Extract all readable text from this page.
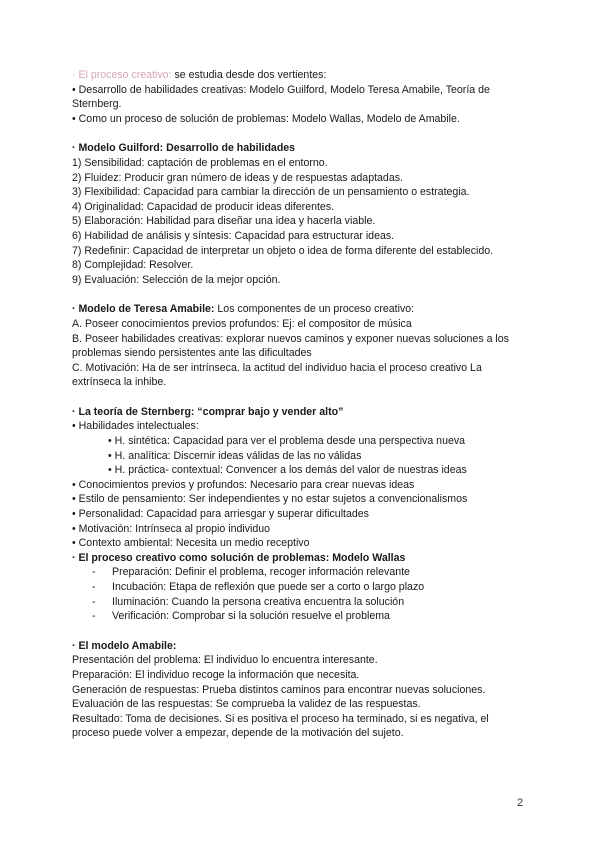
· El proceso creativo: se estudia desde dos vertientes:

• Desarrollo de habilidades creativas: Modelo Guilford, Modelo Teresa Amabile, Teoría de Sternberg.

• Como un proceso de solución de problemas: Modelo Wallas, Modelo de Amabile.

· Modelo Guilford: Desarrollo de habilidades

1) Sensibilidad: captación de problemas en el entorno.

2) Fluidez: Producir gran número de ideas y de respuestas adaptadas.

3) Flexibilidad: Capacidad para cambiar la dirección de un pensamiento o estrategia.

4) Originalidad: Capacidad de producir ideas diferentes.

5) Elaboración: Habilidad para diseñar una idea y hacerla viable.

6) Habilidad de análisis y síntesis: Capacidad para estructurar ideas.

7) Redefinir: Capacidad de interpretar un objeto o idea de forma diferente del establecido.

8) Complejidad: Resolver.

9) Evaluación: Selección de la mejor opción.

· Modelo de Teresa Amabile: Los componentes de un proceso creativo:

A. Poseer conocimientos previos profundos: Ej: el compositor de música

B. Poseer habilidades creativas: explorar nuevos caminos y exponer nuevas soluciones a los problemas siendo persistentes ante las dificultades

C. Motivación: Ha de ser intrínseca. la actitud del individuo hacia el proceso creativo La extrínseca la inhibe.

· La teoría de Sternberg: “comprar bajo y vender alto”

• Habilidades intelectuales:

• H. sintética: Capacidad para ver el problema desde una perspectiva nueva

• H. analítica: Discernir ideas válidas de las no válidas

• H. práctica- contextual: Convencer a los demás del valor de nuestras ideas

• Conocimientos previos y profundos: Necesario para crear nuevas ideas

• Estilo de pensamiento: Ser independientes y no estar sujetos a convencionalismos

• Personalidad: Capacidad para arriesgar y superar dificultades

• Motivación: Intrínseca al propio individuo

• Contexto ambiental: Necesita un medio receptivo

· El proceso creativo como solución de problemas: Modelo Wallas

-	Preparación: Definir el problema, recoger información relevante
-	Incubación: Etapa de reflexión que puede ser a corto o largo plazo
-	Iluminación: Cuando la persona creativa encuentra la solución
-	Verificación: Comprobar si la solución resuelve el problema

· El modelo Amabile:

Presentación del problema: El individuo lo encuentra interesante.

Preparación: El individuo recoge la información que necesita.

Generación de respuestas: Prueba distintos caminos para encontrar nuevas soluciones.

Evaluación de las respuestas: Se comprueba la validez de las respuestas.

Resultado: Toma de decisiones. Si es positiva el proceso ha terminado, si es negativa, el proceso puede volver a empezar, depende de la motivación del sujeto.

2
